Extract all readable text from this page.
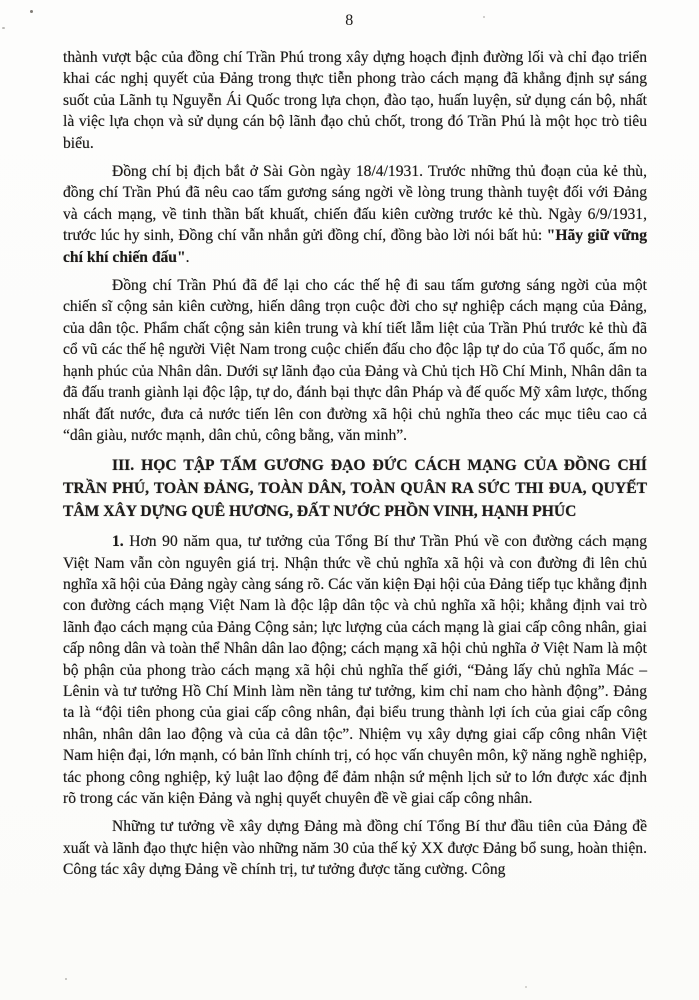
8

thành vượt bậc của đồng chí Trần Phú trong xây dựng hoạch định đường lối và chỉ đạo triển khai các nghị quyết của Đảng trong thực tiễn phong trào cách mạng đã khẳng định sự sáng suốt của Lãnh tụ Nguyễn Ái Quốc trong lựa chọn, đào tạo, huấn luyện, sử dụng cán bộ, nhất là việc lựa chọn và sử dụng cán bộ lãnh đạo chủ chốt, trong đó Trần Phú là một học trò tiêu biểu.

Đồng chí bị địch bắt ở Sài Gòn ngày 18/4/1931. Trước những thủ đoạn của kẻ thù, đồng chí Trần Phú đã nêu cao tấm gương sáng ngời về lòng trung thành tuyệt đối với Đảng và cách mạng, về tinh thần bất khuất, chiến đấu kiên cường trước kẻ thù. Ngày 6/9/1931, trước lúc hy sinh, Đồng chí vẫn nhắn gửi đồng chí, đồng bào lời nói bất hủ: "Hãy giữ vững chí khí chiến đấu".

Đồng chí Trần Phú đã để lại cho các thế hệ đi sau tấm gương sáng ngời của một chiến sĩ cộng sản kiên cường, hiến dâng trọn cuộc đời cho sự nghiệp cách mạng của Đảng, của dân tộc. Phẩm chất cộng sản kiên trung và khí tiết lẫm liệt của Trần Phú trước kẻ thù đã cổ vũ các thế hệ người Việt Nam trong cuộc chiến đấu cho độc lập tự do của Tổ quốc, ấm no hạnh phúc của Nhân dân. Dưới sự lãnh đạo của Đảng và Chủ tịch Hồ Chí Minh, Nhân dân ta đã đấu tranh giành lại độc lập, tự do, đánh bại thực dân Pháp và đế quốc Mỹ xâm lược, thống nhất đất nước, đưa cả nước tiến lên con đường xã hội chủ nghĩa theo các mục tiêu cao cả “dân giàu, nước mạnh, dân chủ, công bằng, văn minh”.

III. HỌC TẬP TẤM GƯƠNG ĐẠO ĐỨC CÁCH MẠNG CỦA ĐỒNG CHÍ TRẦN PHÚ, TOÀN ĐẢNG, TOÀN DÂN, TOÀN QUÂN RA SỨC THI ĐUA, QUYẾT TÂM XÂY DỰNG QUÊ HƯƠNG, ĐẤT NƯỚC PHỒN VINH, HẠNH PHÚC

1. Hơn 90 năm qua, tư tưởng của Tổng Bí thư Trần Phú về con đường cách mạng Việt Nam vẫn còn nguyên giá trị. Nhận thức về chủ nghĩa xã hội và con đường đi lên chủ nghĩa xã hội của Đảng ngày càng sáng rõ. Các văn kiện Đại hội của Đảng tiếp tục khẳng định con đường cách mạng Việt Nam là độc lập dân tộc và chủ nghĩa xã hội; khẳng định vai trò lãnh đạo cách mạng của Đảng Cộng sản; lực lượng của cách mạng là giai cấp công nhân, giai cấp nông dân và toàn thể Nhân dân lao động; cách mạng xã hội chủ nghĩa ở Việt Nam là một bộ phận của phong trào cách mạng xã hội chủ nghĩa thế giới, “Đảng lấy chủ nghĩa Mác – Lênin và tư tưởng Hồ Chí Minh làm nền tảng tư tưởng, kim chỉ nam cho hành động”. Đảng ta là “đội tiên phong của giai cấp công nhân, đại biểu trung thành lợi ích của giai cấp công nhân, nhân dân lao động và của cả dân tộc”. Nhiệm vụ xây dựng giai cấp công nhân Việt Nam hiện đại, lớn mạnh, có bản lĩnh chính trị, có học vấn chuyên môn, kỹ năng nghề nghiệp, tác phong công nghiệp, kỷ luật lao động để đảm nhận sứ mệnh lịch sử to lớn được xác định rõ trong các văn kiện Đảng và nghị quyết chuyên đề về giai cấp công nhân.

Những tư tưởng về xây dựng Đảng mà đồng chí Tổng Bí thư đầu tiên của Đảng đề xuất và lãnh đạo thực hiện vào những năm 30 của thế kỷ XX được Đảng bổ sung, hoàn thiện. Công tác xây dựng Đảng về chính trị, tư tưởng được tăng cường. Công
